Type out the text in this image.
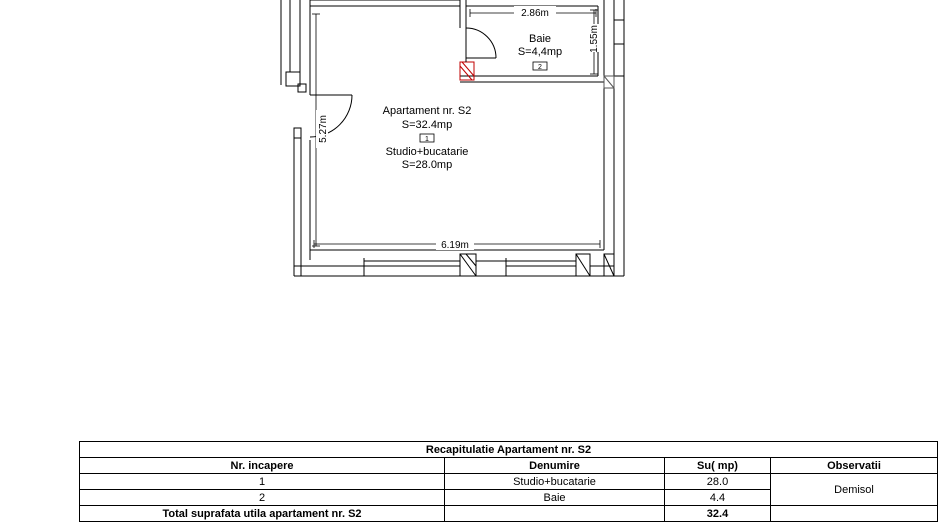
2.86m
1.55m
5.27m
6.19m
Baie
S=4,4mp
2
Apartament nr. S2
S=32.4mp
1
Studio+bucatarie
S=28.0mp
Recapitulatie Apartament nr. S2			
Nr. incapere	Denumire	Su( mp)	Observatii
1	Studio+bucatarie	28.0	Demisol
2	Baie	4.4	
Total suprafata utila apartament nr. S2		32.4	
